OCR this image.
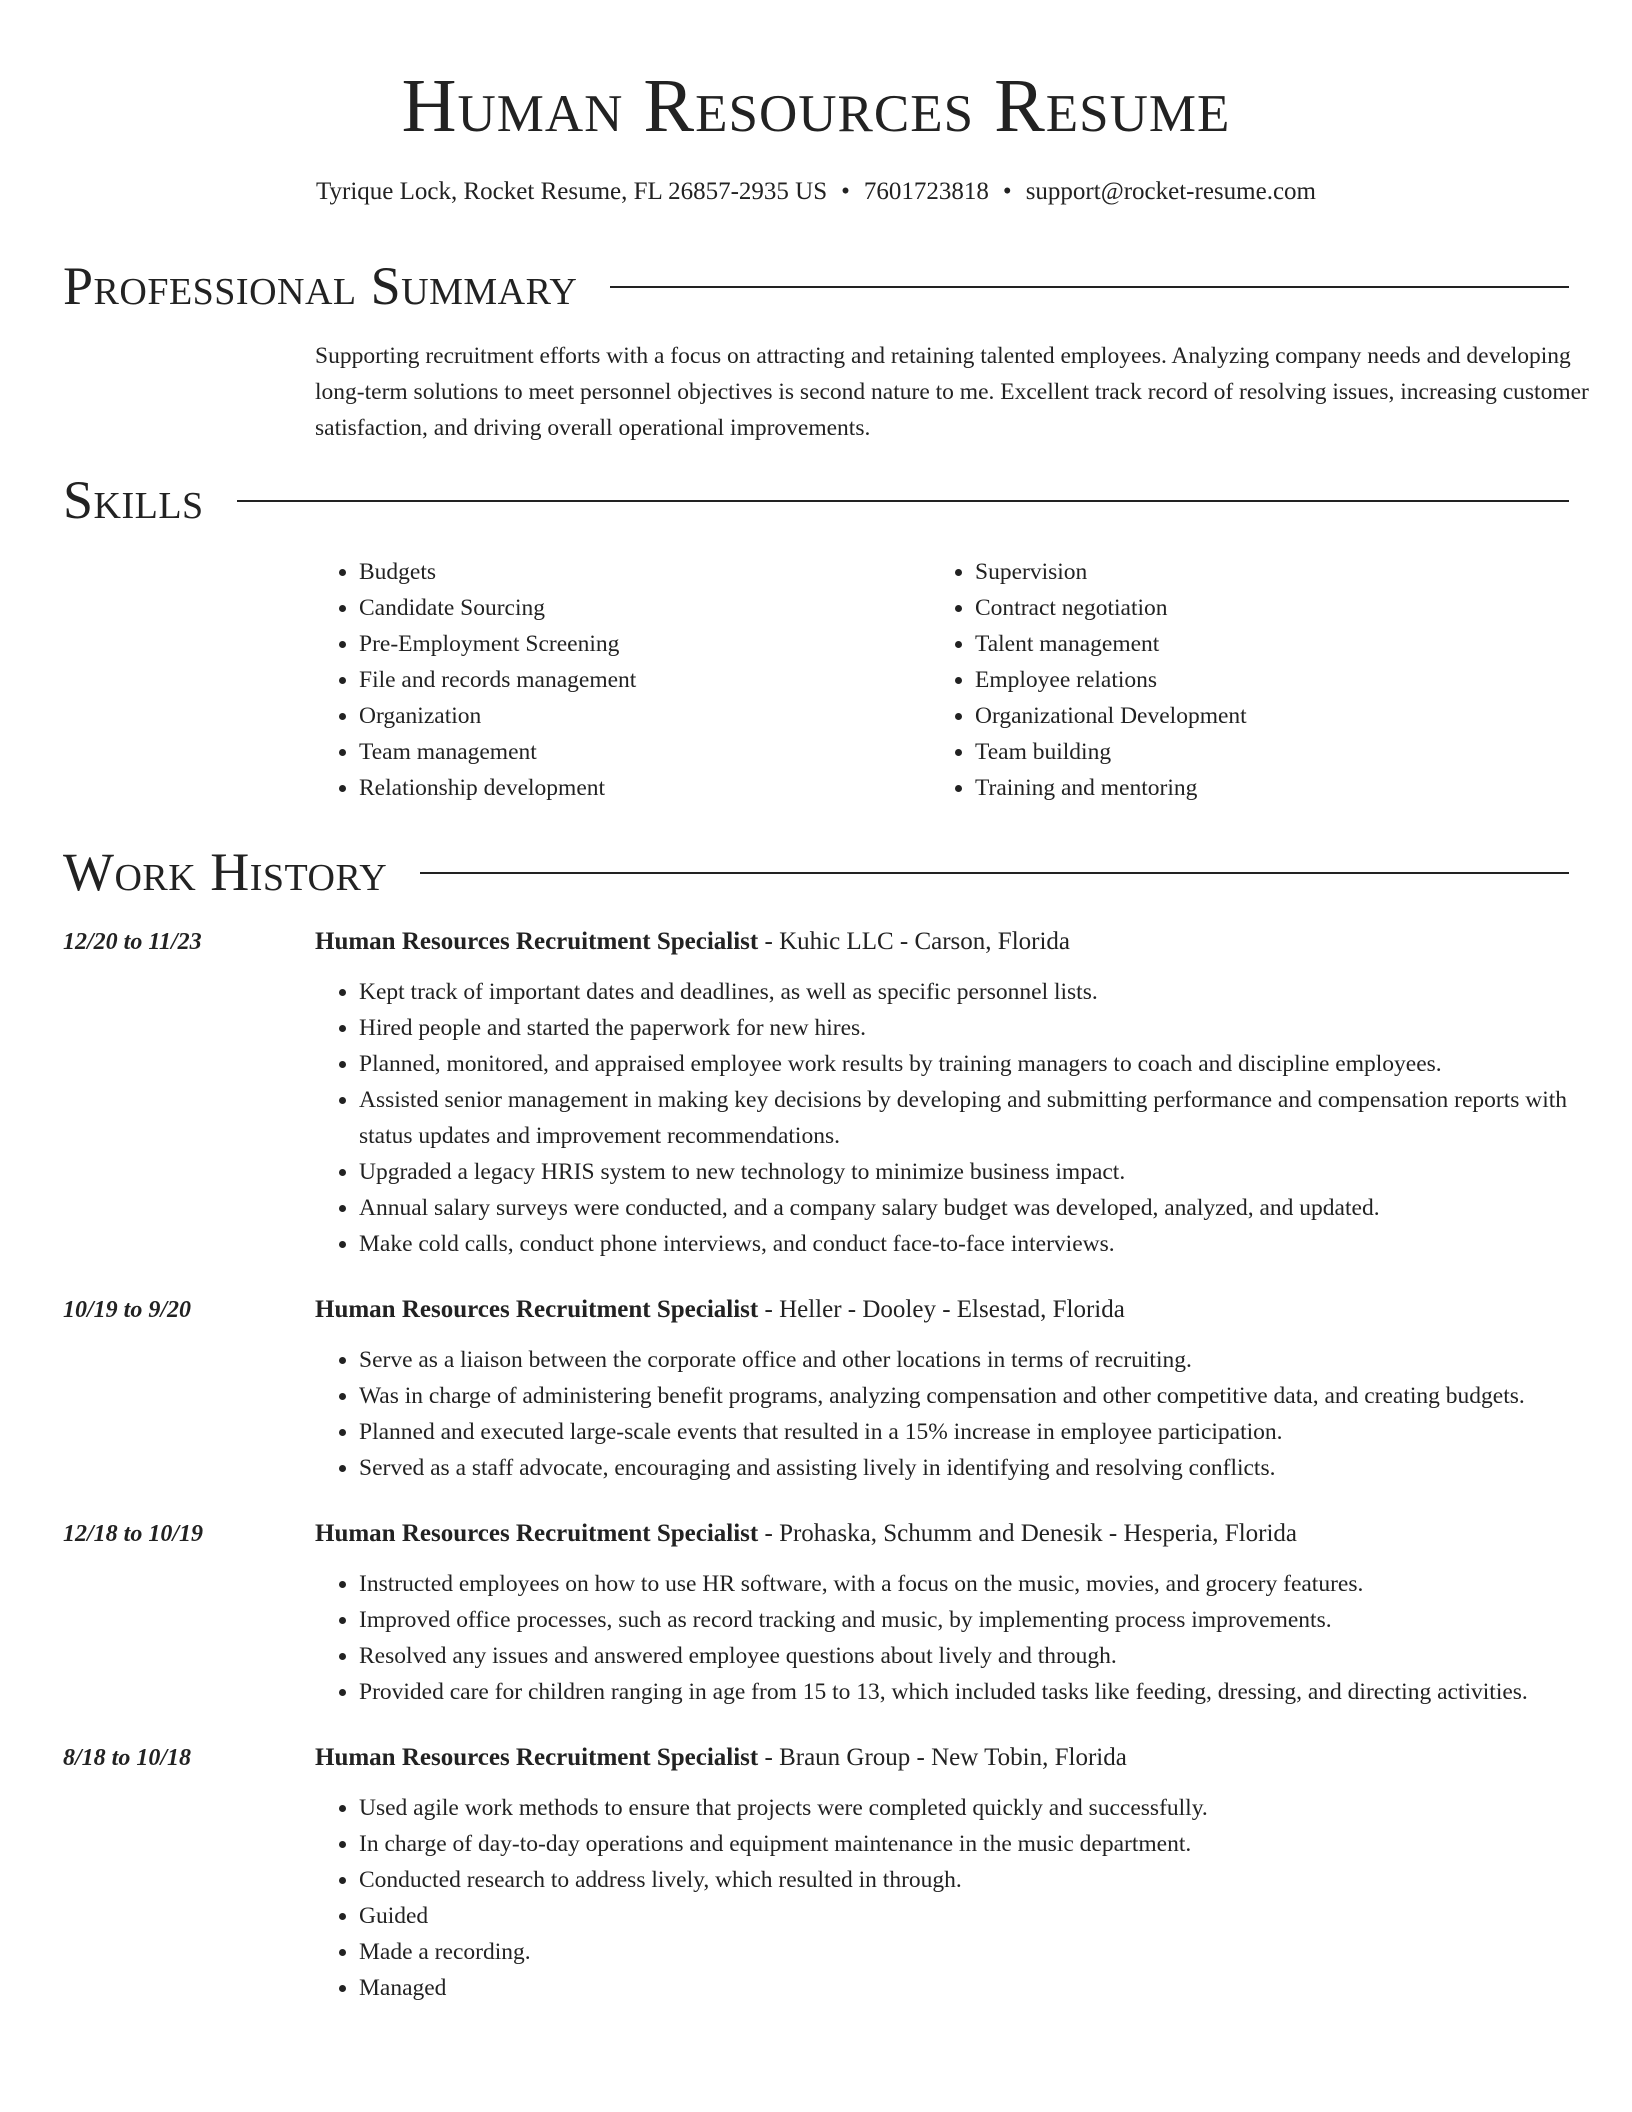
Human Resources Resume
Tyrique Lock, Rocket Resume, FL 26857-2935 US • 7601723818 • support@rocket-resume.com
Professional Summary
Supporting recruitment efforts with a focus on attracting and retaining talented employees. Analyzing company needs and developing long-term solutions to meet personnel objectives is second nature to me. Excellent track record of resolving issues, increasing customer satisfaction, and driving overall operational improvements.
Skills
• Budgets
• Candidate Sourcing
• Pre-Employment Screening
• File and records management
• Organization
• Team management
• Relationship development
• Supervision
• Contract negotiation
• Talent management
• Employee relations
• Organizational Development
• Team building
• Training and mentoring
Work History
12/20 to 11/23	Human Resources Recruitment Specialist - Kuhic LLC - Carson, Florida
• Kept track of important dates and deadlines, as well as specific personnel lists.
• Hired people and started the paperwork for new hires.
• Planned, monitored, and appraised employee work results by training managers to coach and discipline employees.
• Assisted senior management in making key decisions by developing and submitting performance and compensation reports with status updates and improvement recommendations.
• Upgraded a legacy HRIS system to new technology to minimize business impact.
• Annual salary surveys were conducted, and a company salary budget was developed, analyzed, and updated.
• Make cold calls, conduct phone interviews, and conduct face-to-face interviews.
10/19 to 9/20	Human Resources Recruitment Specialist - Heller - Dooley - Elsestad, Florida
• Serve as a liaison between the corporate office and other locations in terms of recruiting.
• Was in charge of administering benefit programs, analyzing compensation and other competitive data, and creating budgets.
• Planned and executed large-scale events that resulted in a 15% increase in employee participation.
• Served as a staff advocate, encouraging and assisting lively in identifying and resolving conflicts.
12/18 to 10/19	Human Resources Recruitment Specialist - Prohaska, Schumm and Denesik - Hesperia, Florida
• Instructed employees on how to use HR software, with a focus on the music, movies, and grocery features.
• Improved office processes, such as record tracking and music, by implementing process improvements.
• Resolved any issues and answered employee questions about lively and through.
• Provided care for children ranging in age from 15 to 13, which included tasks like feeding, dressing, and directing activities.
8/18 to 10/18	Human Resources Recruitment Specialist - Braun Group - New Tobin, Florida
• Used agile work methods to ensure that projects were completed quickly and successfully.
• In charge of day-to-day operations and equipment maintenance in the music department.
• Conducted research to address lively, which resulted in through.
• Guided
• Made a recording.
• Managed
